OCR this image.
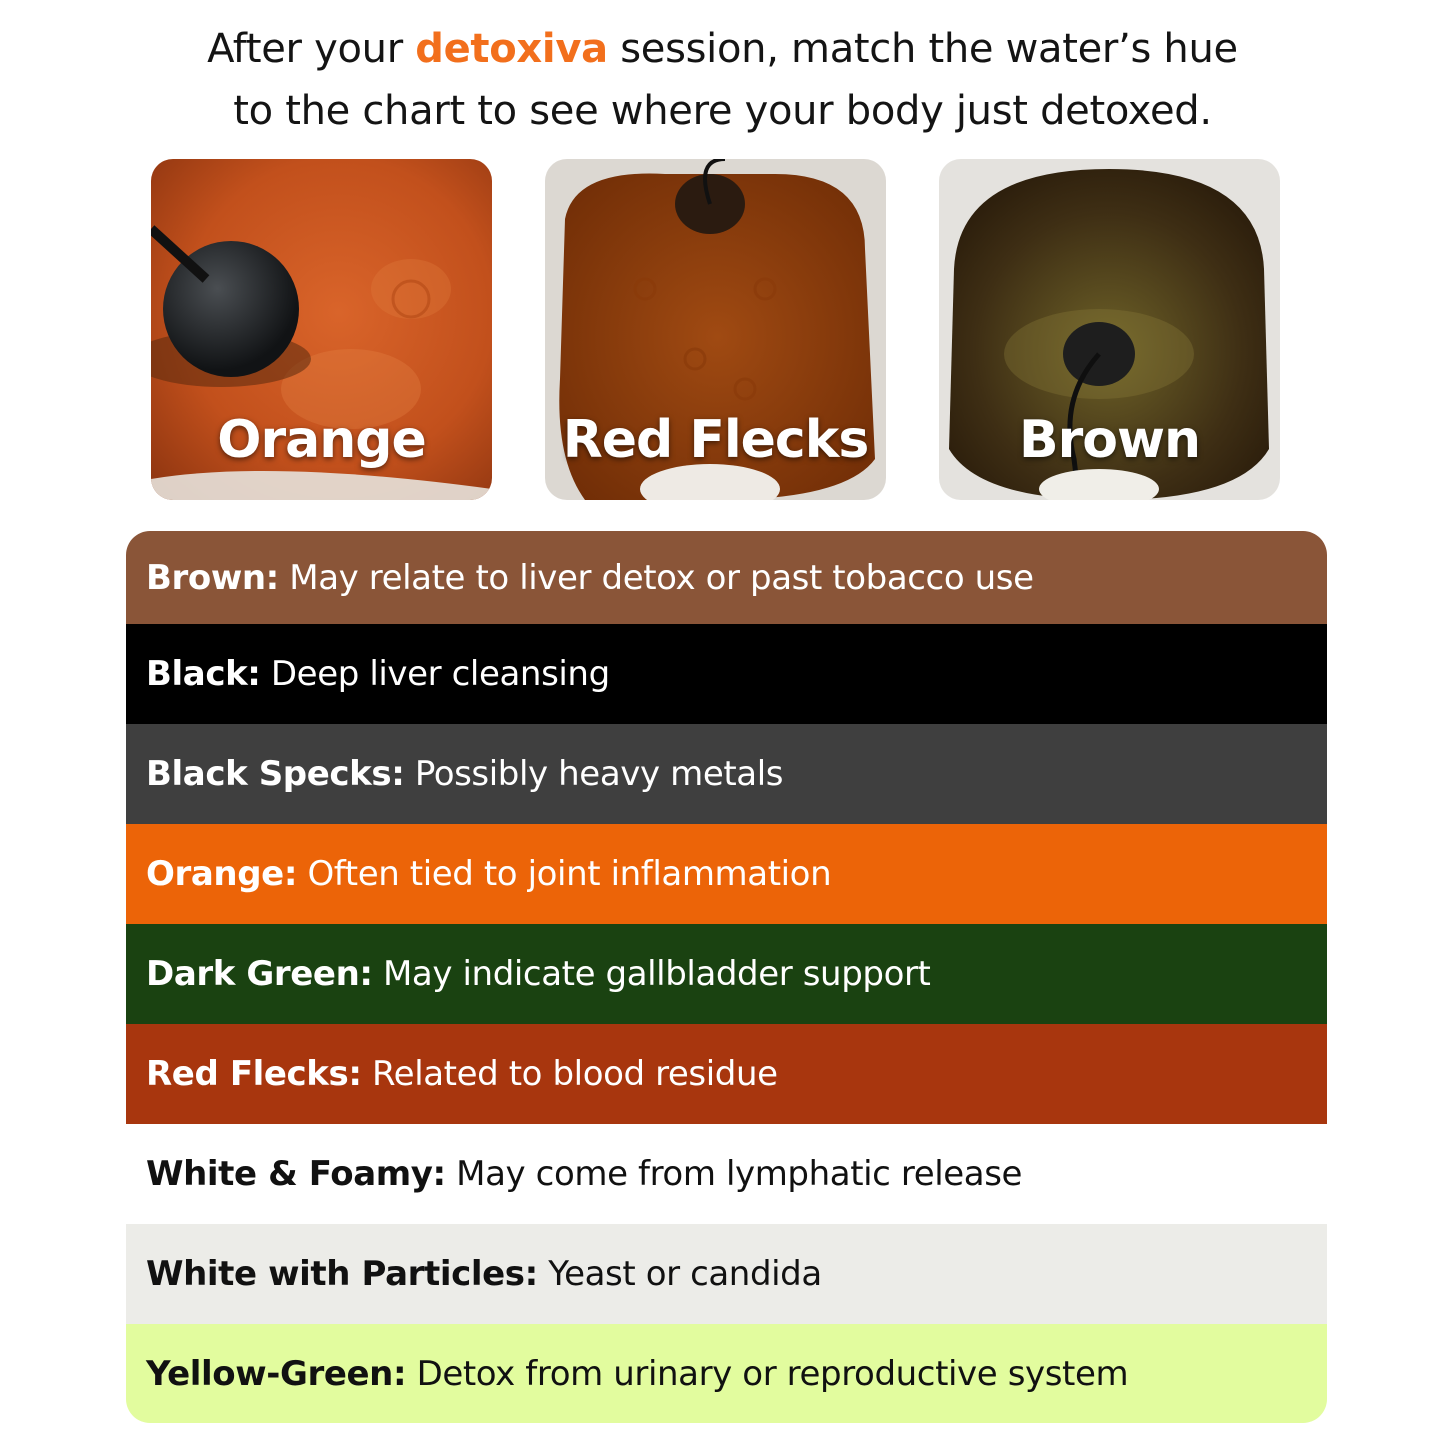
After your detoxiva session, match the water’s hue
to the chart to see where your body just detoxed.
Orange	Red Flecks	Brown
Brown:
May relate to liver detox or past tobacco use
Black:
Deep liver cleansing
Black Specks:
Possibly heavy metals
Orange:
Often tied to joint inflammation
Dark Green:
May indicate gallbladder support
Red Flecks:
Related to blood residue
White & Foamy:
May come from lymphatic release
White with Particles:
Yeast or candida
Yellow-Green:
Detox from urinary or reproductive system
